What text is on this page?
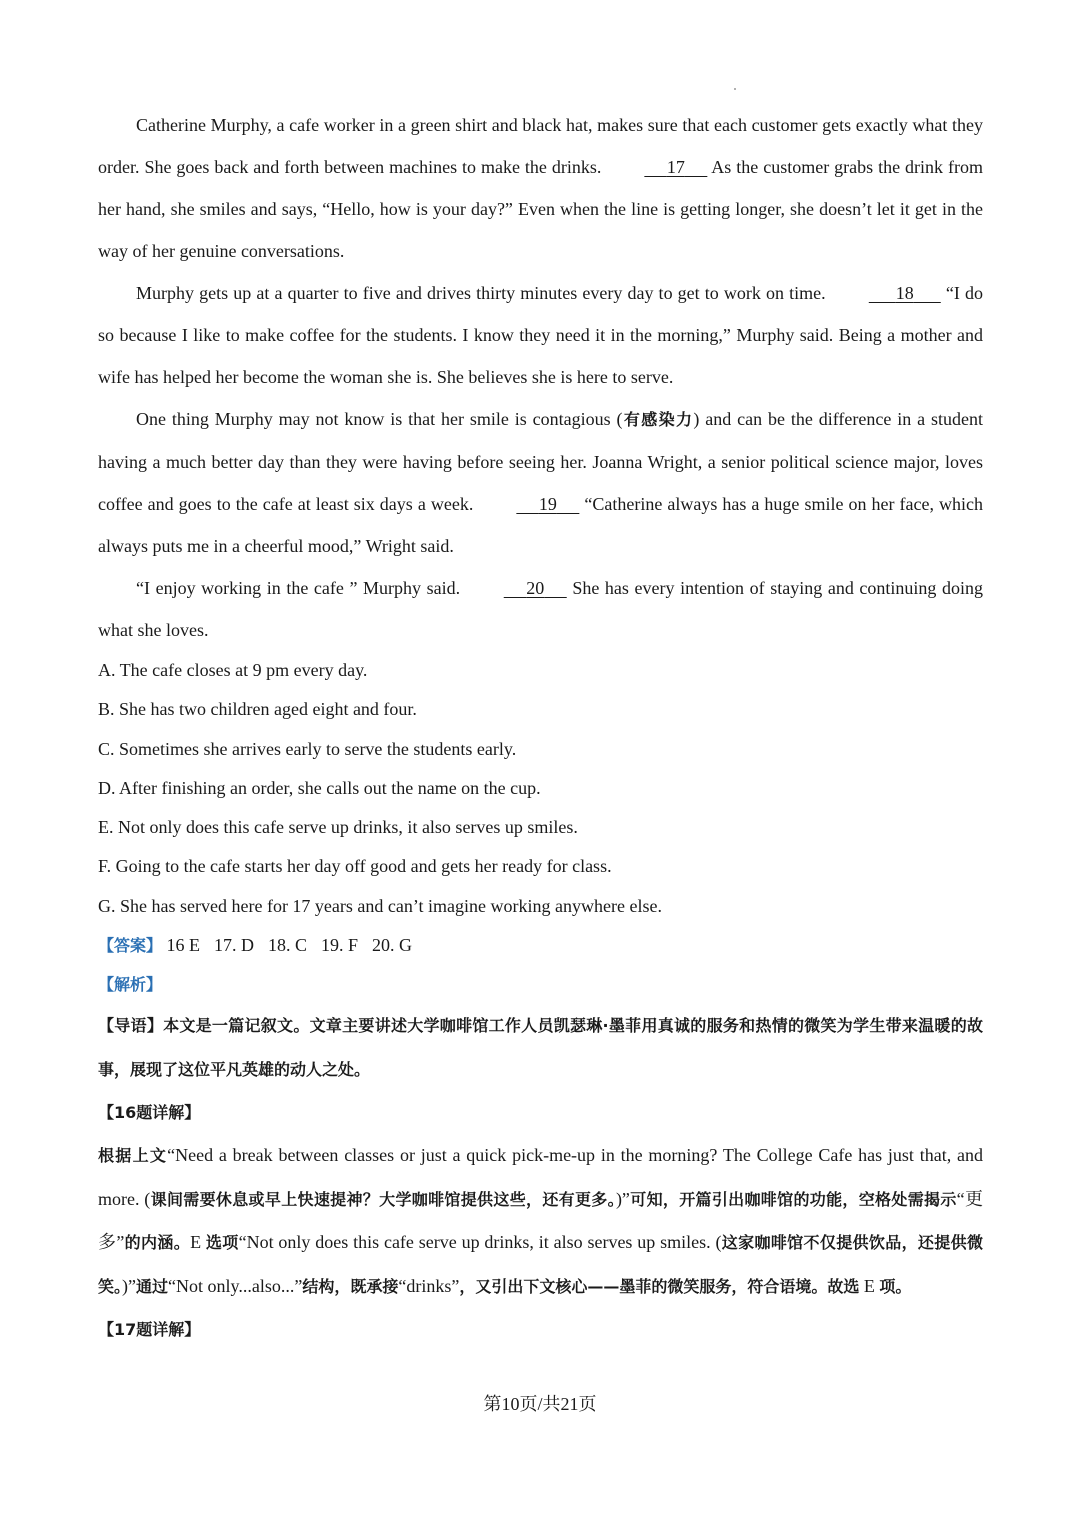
Catherine Murphy, a cafe worker in a green shirt and black hat, makes sure that each customer gets exactly what they order. She goes back and forth between machines to make the drinks.	17      As the customer grabs the drink from her hand, she smiles and says, “Hello, how is your day?” Even when the line is getting longer, she doesn’t let it get in the way of her genuine conversations.

Murphy gets up at a quarter to five and drives thirty minutes every day to get to work on time.	18       “I do so because I like to make coffee for the students. I know they need it in the morning,” Murphy said. Being a mother and wife has helped her become the woman she is. She believes she is here to serve.

One thing Murphy may not know is that her smile is contagious (有感染力) and can be the difference in a student having a much better day than they were having before seeing her. Joanna Wright, a senior political science major, loves coffee and goes to the cafe at least six days a week.	19      “Catherine always has a huge smile on her face, which always puts me in a cheerful mood,” Wright said.

“I enjoy working in the cafe ” Murphy said.	20      She has every intention of staying and continuing doing what she loves.

A. The cafe closes at 9 pm every day.

B. She has two children aged eight and four.

C. Sometimes she arrives early to serve the students early.

D. After finishing an order, she calls out the name on the cup.

E. Not only does this cafe serve up drinks, it also serves up smiles.

F. Going to the cafe starts her day off good and gets her ready for class.

G. She has served here for 17 years and can’t imagine working anywhere else.

【答案】 16 E 17. D 18. C 19. F 20. G

【解析】

【导语】本文是一篇记叙文。文章主要讲述大学咖啡馆工作人员凯瑟琳·墨菲用真诚的服务和热情的微笑为学生带来温暖的故事，展现了这位平凡英雄的动人之处。

【16题详解】

根据上文“Need a break between classes or just a quick pick-me-up in the morning? The College Cafe has just that, and more. (课间需要休息或早上快速提神？大学咖啡馆提供这些，还有更多。)”可知，开篇引出咖啡馆的功能，空格处需揭示“更多”的内涵。E 选项“Not only does this cafe serve up drinks, it also serves up smiles. (这家咖啡馆不仅提供饮品，还提供微笑。)”通过“Not only...also...”结构，既承接“drinks”，又引出下文核心——墨菲的微笑服务，符合语境。故选 E 项。

【17题详解】

第10页/共21页
